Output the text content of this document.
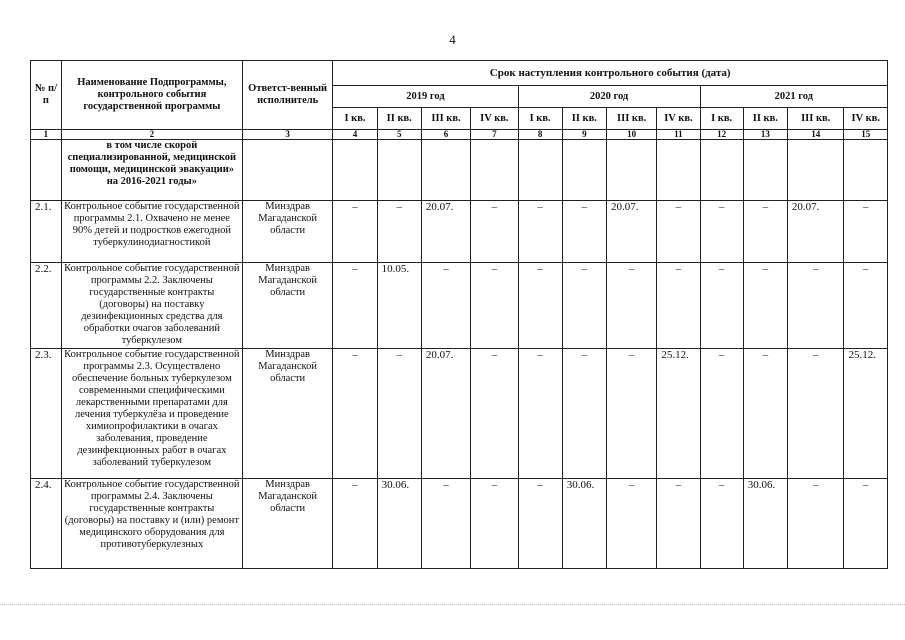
4
№ п/п	Наименование Подпрограммы, контрольного события государственной программы	Ответст-венный исполнитель	Срок наступления контрольного события (дата)											
			2019 год				2020 год				2021 год			
			I кв.	II кв.	III кв.	IV кв.	I кв.	II кв.	III кв.	IV кв.	I кв.	II кв.	III кв.	IV кв.
1	2	3	4	5	6	7	8	9	10	11	12	13	14	15
	в том числе скорой специализированной, медицинской помощи, медицинской эвакуации» на 2016-2021 годы»													
2.1.	Контрольное событие государственной программы 2.1. Охвачено не менее 90% детей и подростков ежегодной туберкулинодиагностикой	Минздрав Магаданской области	–	–	20.07.	–	–	–	20.07.	–	–	–	20.07.	–
2.2.	Контрольное событие государственной программы 2.2. Заключены государственные контракты (договоры) на поставку дезинфекционных средства для обработки очагов заболеваний туберкулезом	Минздрав Магаданской области	–	10.05.	–	–	–	–	–	–	–	–	–	–
2.3.	Контрольное событие государственной программы 2.3. Осуществлено обеспечение больных туберкулезом современными специфическими лекарственными препаратами для лечения туберкулёза и проведение химиопрофилактики в очагах заболевания, проведение дезинфекционных работ в очагах заболеваний туберкулезом	Минздрав Магаданской области	–	–	20.07.	–	–	–	–	25.12.	–	–	–	25.12.
2.4.	Контрольное событие государственной программы 2.4. Заключены государственные контракты (договоры) на поставку и (или) ремонт медицинского оборудования для противотуберкулезных	Минздрав Магаданской области	–	30.06.	–	–	–	30.06.	–	–	–	30.06.	–	–
